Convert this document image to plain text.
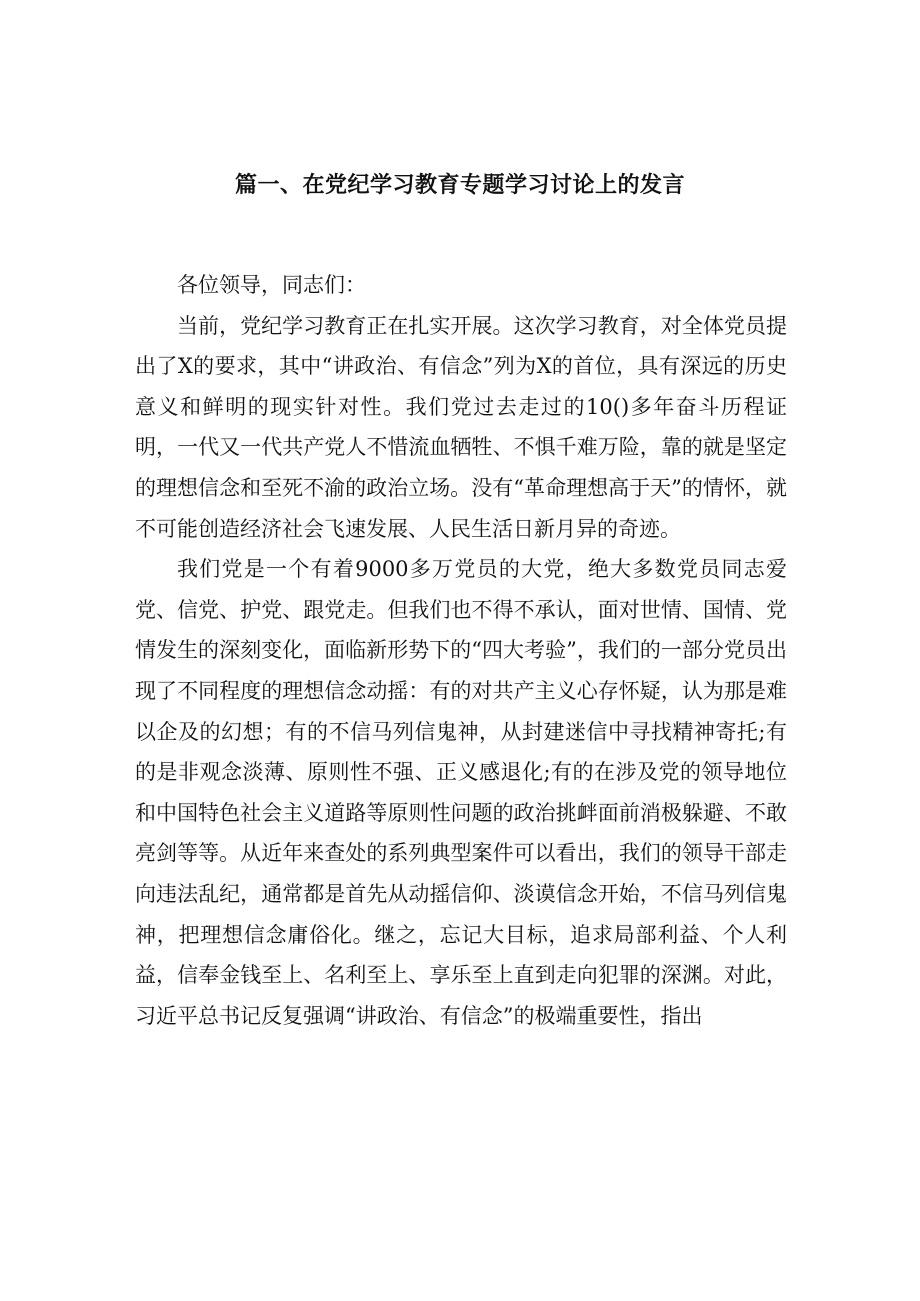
篇一、在党纪学习教育专题学习讨论上的发言

各位领导，同志们：

当前，党纪学习教育正在扎实开展。这次学习教育，对全体党员提出了X的要求，其中“讲政治、有信念”列为X的首位，具有深远的历史意义和鲜明的现实针对性。我们党过去走过的10()多年奋斗历程证明，一代又一代共产党人不惜流血牺牲、不惧千难万险，靠的就是坚定的理想信念和至死不渝的政治立场。没有“革命理想高于天”的情怀，就不可能创造经济社会飞速发展、人民生活日新月异的奇迹。

我们党是一个有着9000多万党员的大党，绝大多数党员同志爱党、信党、护党、跟党走。但我们也不得不承认，面对世情、国情、党情发生的深刻变化，面临新形势下的“四大考验”，我们的一部分党员出现了不同程度的理想信念动摇：有的对共产主义心存怀疑，认为那是难以企及的幻想；有的不信马列信鬼神，从封建迷信中寻找精神寄托;有的是非观念淡薄、原则性不强、正义感退化;有的在涉及党的领导地位和中国特色社会主义道路等原则性问题的政治挑衅面前消极躲避、不敢亮剑等等。从近年来查处的系列典型案件可以看出，我们的领导干部走向违法乱纪，通常都是首先从动摇信仰、淡谟信念开始，不信马列信鬼神，把理想信念庸俗化。继之，忘记大目标，追求局部利益、个人利益，信奉金钱至上、名利至上、享乐至上直到走向犯罪的深渊。对此，习近平总书记反复强调“讲政治、有信念”的极端重要性，指出
